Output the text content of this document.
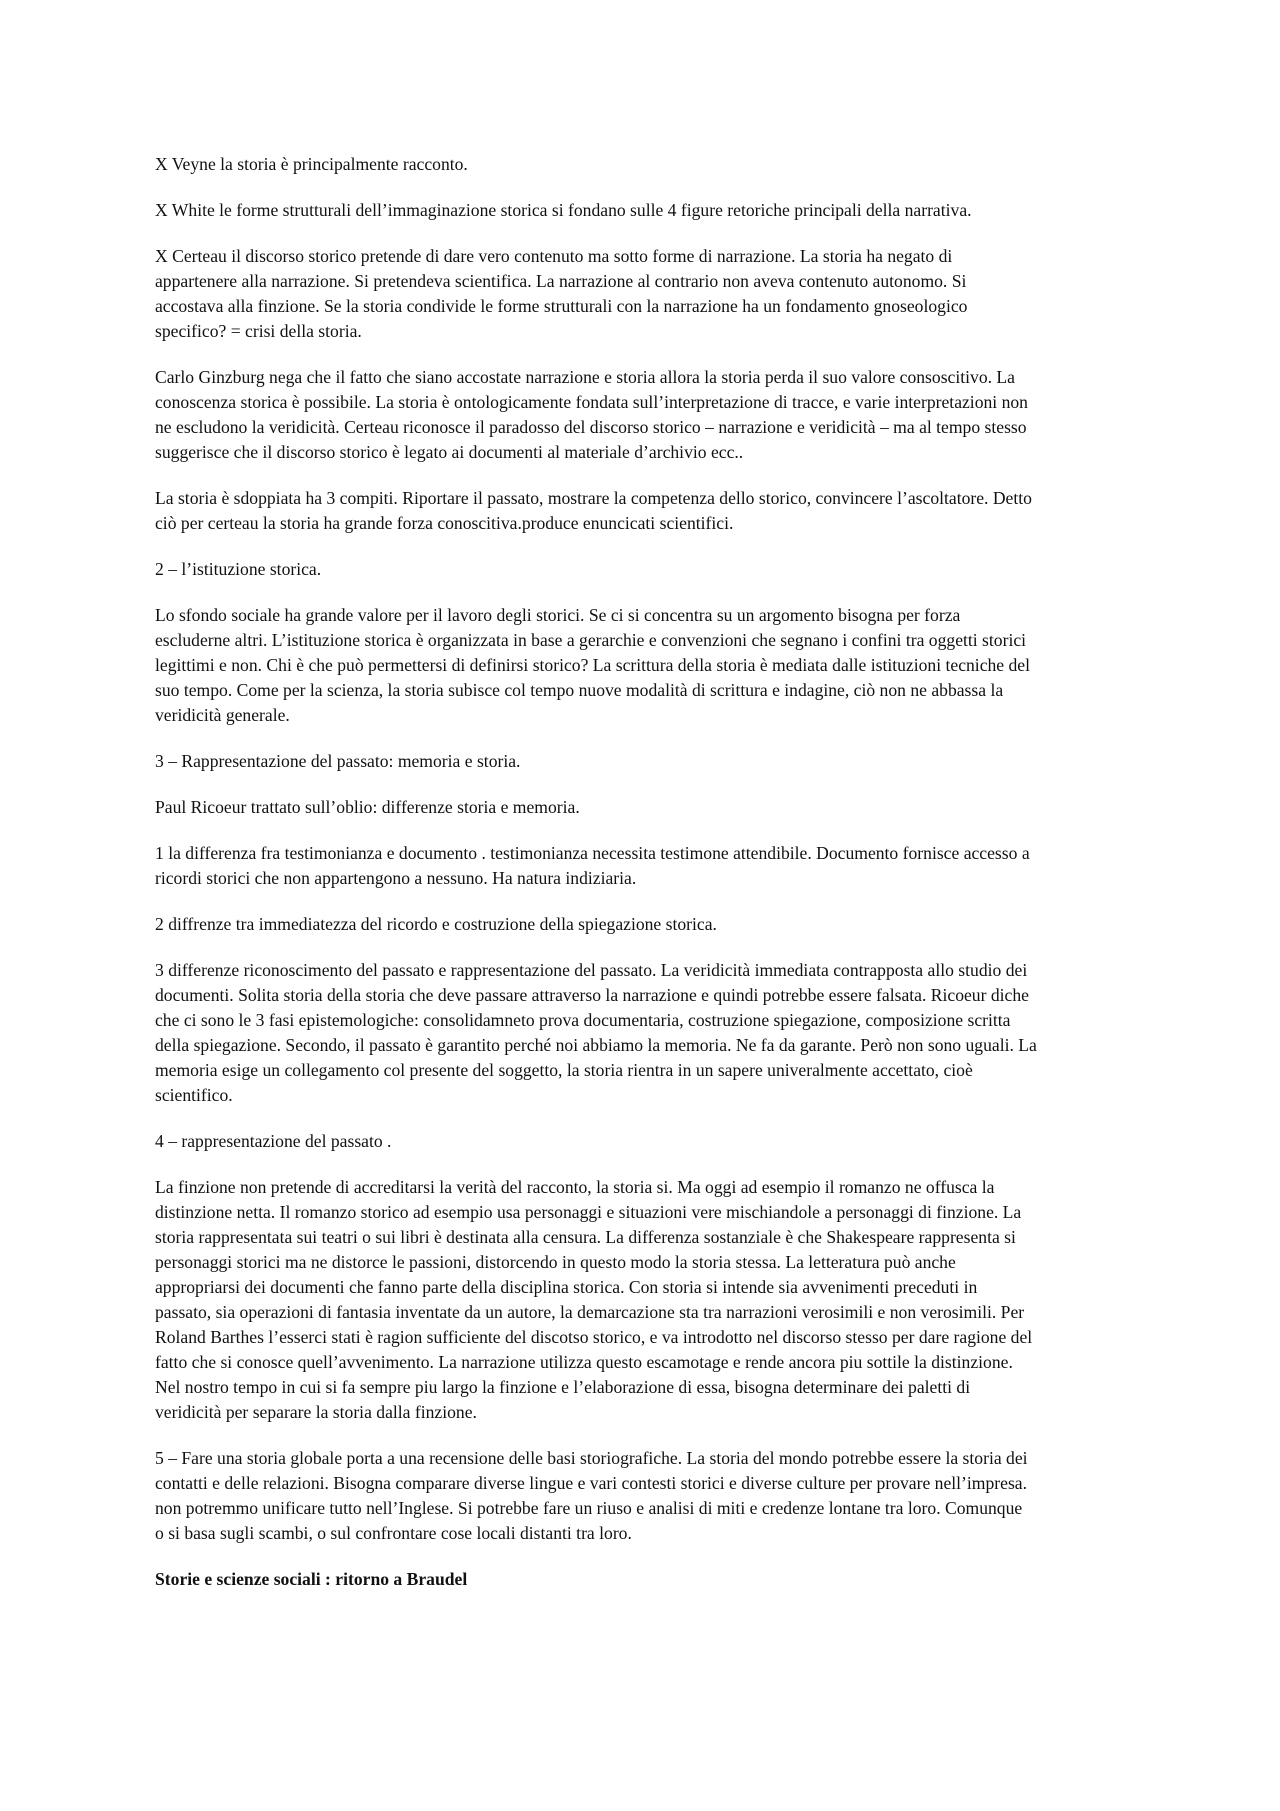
X Veyne la storia è principalmente racconto.

X White le forme strutturali dell’immaginazione storica si fondano sulle 4 figure retoriche principali della narrativa.

X Certeau il discorso storico pretende di dare vero contenuto ma sotto forme di narrazione. La storia ha negato di
appartenere alla narrazione. Si pretendeva scientifica. La narrazione al contrario non aveva contenuto autonomo. Si
accostava alla finzione. Se la storia condivide le forme strutturali con la narrazione ha un fondamento gnoseologico
specifico? = crisi della storia.

Carlo Ginzburg nega che il fatto che siano accostate narrazione e storia allora la storia perda il suo valore consoscitivo. La
conoscenza storica è possibile. La storia è ontologicamente fondata sull’interpretazione di tracce, e varie interpretazioni non
ne escludono la veridicità. Certeau riconosce il paradosso del discorso storico – narrazione e veridicità – ma al tempo stesso
suggerisce che il discorso storico è legato ai documenti al materiale d’archivio ecc..

La storia è sdoppiata ha 3 compiti. Riportare il passato, mostrare la competenza dello storico, convincere l’ascoltatore. Detto
ciò per certeau la storia ha grande forza conoscitiva.produce enuncicati scientifici.

2 – l’istituzione storica.

Lo sfondo sociale ha grande valore per il lavoro degli storici. Se ci si concentra su un argomento bisogna per forza
escluderne altri. L’istituzione storica è organizzata in base a gerarchie e convenzioni che segnano i confini tra oggetti storici
legittimi e non. Chi è che può permettersi di definirsi storico? La scrittura della storia è mediata dalle istituzioni tecniche del
suo tempo. Come per la scienza, la storia subisce col tempo nuove modalità di scrittura e indagine, ciò non ne abbassa la
veridicità generale.

3 – Rappresentazione del passato: memoria e storia.

Paul Ricoeur trattato sull’oblio: differenze storia e memoria.

1 la differenza fra testimonianza e documento . testimonianza necessita testimone attendibile. Documento fornisce accesso a
ricordi storici che non appartengono a nessuno. Ha natura indiziaria.

2 diffrenze tra immediatezza del ricordo e costruzione della spiegazione storica.

3 differenze riconoscimento del passato e rappresentazione del passato. La veridicità immediata contrapposta allo studio dei
documenti. Solita storia della storia che deve passare attraverso la narrazione e quindi potrebbe essere falsata. Ricoeur diche
che ci sono le 3 fasi epistemologiche: consolidamneto prova documentaria, costruzione spiegazione, composizione scritta
della spiegazione. Secondo, il passato è garantito perché noi abbiamo la memoria. Ne fa da garante. Però non sono uguali. La
memoria esige un collegamento col presente del soggetto, la storia rientra in un sapere univeralmente accettato, cioè
scientifico.

4 – rappresentazione del passato .

La finzione non pretende di accreditarsi la verità del racconto, la storia si. Ma oggi ad esempio il romanzo ne offusca la
distinzione netta. Il romanzo storico ad esempio usa personaggi e situazioni vere mischiandole a personaggi di finzione. La
storia rappresentata sui teatri o sui libri è destinata alla censura. La differenza sostanziale è che Shakespeare rappresenta si
personaggi storici ma ne distorce le passioni, distorcendo in questo modo la storia stessa. La letteratura può anche
appropriarsi dei documenti che fanno parte della disciplina storica. Con storia si intende sia avvenimenti preceduti in
passato, sia operazioni di fantasia inventate da un autore, la demarcazione sta tra narrazioni verosimili e non verosimili. Per
Roland Barthes l’esserci stati è ragion sufficiente del discotso storico, e va introdotto nel discorso stesso per dare ragione del
fatto che si conosce quell’avvenimento. La narrazione utilizza questo escamotage e rende ancora piu sottile la distinzione.
Nel nostro tempo in cui si fa sempre piu largo la finzione e l’elaborazione di essa, bisogna determinare dei paletti di
veridicità per separare la storia dalla finzione.

5 – Fare una storia globale porta a una recensione delle basi storiografiche. La storia del mondo potrebbe essere la storia dei
contatti e delle relazioni. Bisogna comparare diverse lingue e vari contesti storici e diverse culture per provare nell’impresa.
non potremmo unificare tutto nell’Inglese. Si potrebbe fare un riuso e analisi di miti e credenze lontane tra loro. Comunque
o si basa sugli scambi, o sul confrontare cose locali distanti tra loro.

Storie e scienze sociali : ritorno a Braudel
